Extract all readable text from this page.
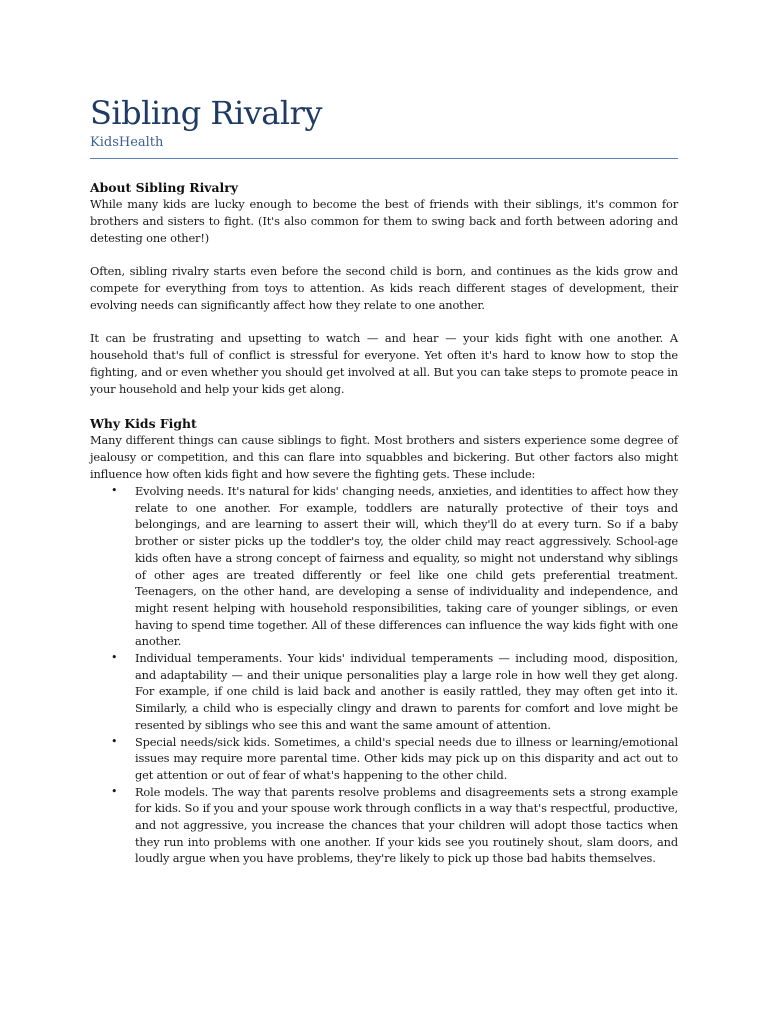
Sibling Rivalry
KidsHealth
About Sibling Rivalry

While many kids are lucky enough to become the best of friends with their siblings, it's common for brothers and sisters to fight. (It's also common for them to swing back and forth between adoring and detesting one other!)

Often, sibling rivalry starts even before the second child is born, and continues as the kids grow and compete for everything from toys to attention. As kids reach different stages of development, their evolving needs can significantly affect how they relate to one another.

It can be frustrating and upsetting to watch — and hear — your kids fight with one another. A household that's full of conflict is stressful for everyone. Yet often it's hard to know how to stop the fighting, and or even whether you should get involved at all. But you can take steps to promote peace in your household and help your kids get along.

Why Kids Fight

Many different things can cause siblings to fight. Most brothers and sisters experience some degree of jealousy or competition, and this can flare into squabbles and bickering. But other factors also might influence how often kids fight and how severe the fighting gets. These include:

• Evolving needs. It's natural for kids' changing needs, anxieties, and identities to affect how they relate to one another. For example, toddlers are naturally protective of their toys and belongings, and are learning to assert their will, which they'll do at every turn. So if a baby brother or sister picks up the toddler's toy, the older child may react aggressively. School-age kids often have a strong concept of fairness and equality, so might not understand why siblings of other ages are treated differently or feel like one child gets preferential treatment. Teenagers, on the other hand, are developing a sense of individuality and independence, and might resent helping with household responsibilities, taking care of younger siblings, or even having to spend time together. All of these differences can influence the way kids fight with one another.
• Individual temperaments. Your kids' individual temperaments — including mood, disposition, and adaptability — and their unique personalities play a large role in how well they get along. For example, if one child is laid back and another is easily rattled, they may often get into it. Similarly, a child who is especially clingy and drawn to parents for comfort and love might be resented by siblings who see this and want the same amount of attention.
• Special needs/sick kids. Sometimes, a child's special needs due to illness or learning/emotional issues may require more parental time. Other kids may pick up on this disparity and act out to get attention or out of fear of what's happening to the other child.
• Role models. The way that parents resolve problems and disagreements sets a strong example for kids. So if you and your spouse work through conflicts in a way that's respectful, productive, and not aggressive, you increase the chances that your children will adopt those tactics when they run into problems with one another. If your kids see you routinely shout, slam doors, and loudly argue when you have problems, they're likely to pick up those bad habits themselves.
